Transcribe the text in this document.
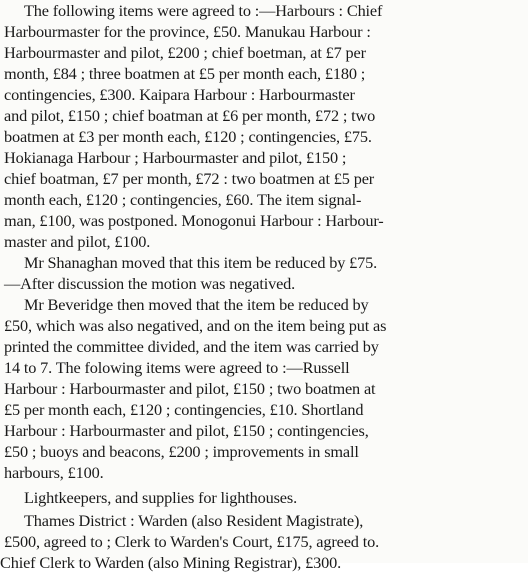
The following items were agreed to :—Harbours : Chief
Harbourmaster for the province, £50. Manukau Harbour :
Harbourmaster and pilot, £200 ; chief boetman, at £7 per
month, £84 ; three boatmen at £5 per month each, £180 ;
contingencies, £300. Kaipara Harbour : Harbourmaster
and pilot, £150 ; chief boatman at £6 per month, £72 ; two
boatmen at £3 per month each, £120 ; contingencies, £75.
Hokianaga Harbour ; Harbourmaster and pilot, £150 ;
chief boatman, £7 per month, £72 : two boatmen at £5 per
month each, £120 ; contingencies, £60. The item signal-
man, £100, was postponed. Monogonui Harbour : Harbour-
master and pilot, £100.
Mr Shanaghan moved that this item be reduced by £75.
—After discussion the motion was negatived.
Mr Beveridge then moved that the item be reduced by
£50, which was also negatived, and on the item being put as
printed the committee divided, and the item was carried by
14 to 7. The folowing items were agreed to :—Russell
Harbour : Harbourmaster and pilot, £150 ; two boatmen at
£5 per month each, £120 ; contingencies, £10. Shortland
Harbour : Harbourmaster and pilot, £150 ; contingencies,
£50 ; buoys and beacons, £200 ; improvements in small
harbours, £100.
Lightkeepers, and supplies for lighthouses.
Thames District : Warden (also Resident Magistrate),
£500, agreed to ; Clerk to Warden's Court, £175, agreed to.
Chief Clerk to Warden (also Mining Registrar), £300.
